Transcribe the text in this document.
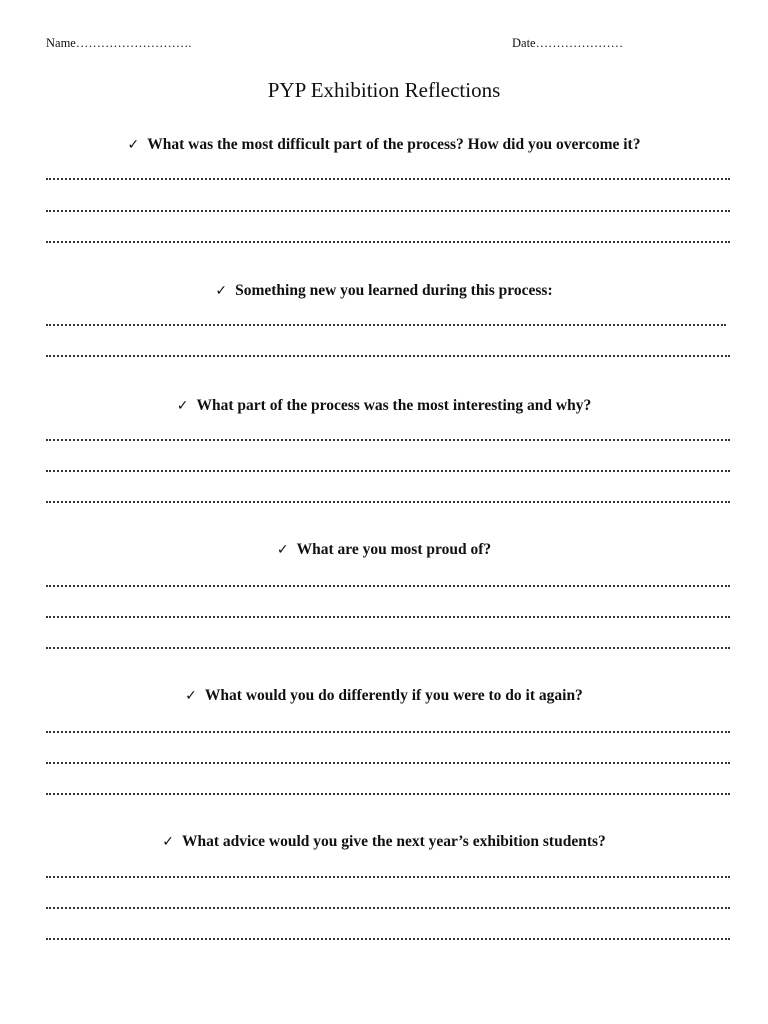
Name……………………….	Date…………………
PYP Exhibition Reflections
✓ What was the most difficult part of the process? How did you overcome it?
✓ Something new you learned during this process:
✓ What part of the process was the most interesting and why?
✓ What are you most proud of?
✓ What would you do differently if you were to do it again?
✓ What advice would you give the next year’s exhibition students?
